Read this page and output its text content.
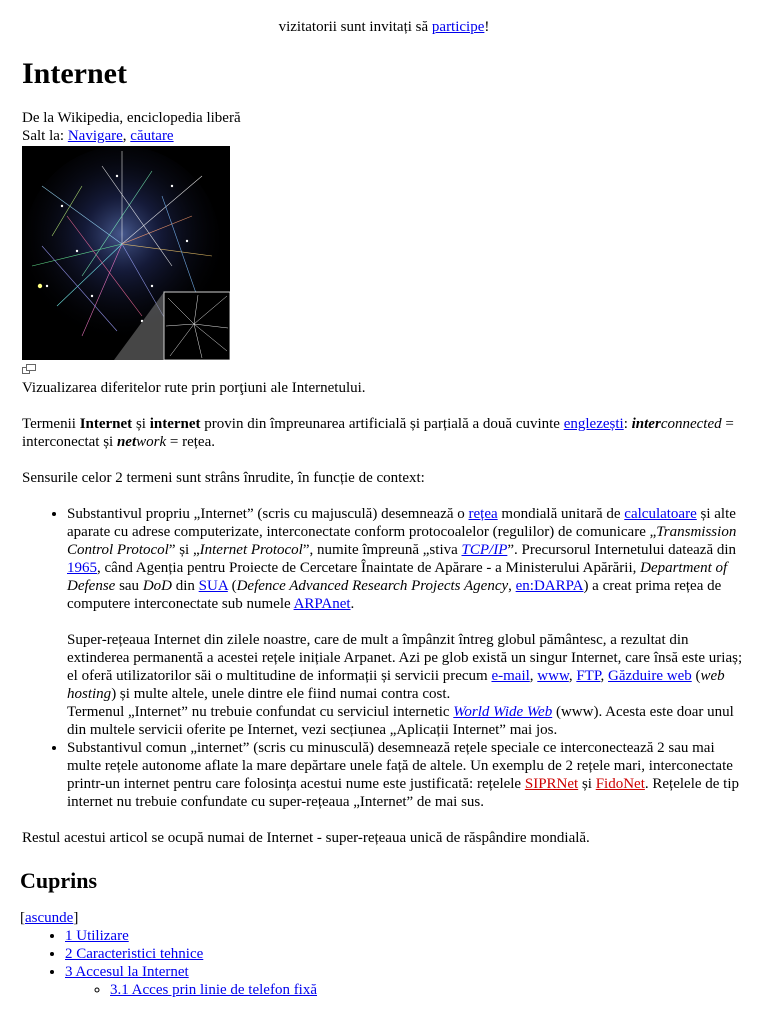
vizitatorii sunt invitați să participe!
Internet
De la Wikipedia, enciclopedia liberă
Salt la: Navigare, căutare
Vizualizarea diferitelor rute prin porţiuni ale Internetului.

Termenii Internet și internet provin din împreunarea artificială și parțială a două cuvinte englezești: interconnected = interconectat și network = rețea.

Sensurile celor 2 termeni sunt strâns înrudite, în funcție de context:

• Substantivul propriu „Internet” (scris cu majusculă) desemnează o rețea mondială unitară de calculatoare și alte aparate cu adrese computerizate, interconectate conform protocoalelor (regulilor) de comunicare „Transmission Control Protocol” și „Internet Protocol”, numite împreună „stiva TCP/IP”. Precursorul Internetului datează din 1965, când Agenția pentru Proiecte de Cercetare Înaintate de Apărare - a Ministerului Apărării, Department of Defense sau DoD din SUA (Defence Advanced Research Projects Agency, en:DARPA) a creat prima rețea de computere interconectate sub numele ARPAnet.
Super-rețeaua Internet din zilele noastre, care de mult a împânzit întreg globul pământesc, a rezultat din extinderea permanentă a acestei rețele inițiale Arpanet. Azi pe glob există un singur Internet, care însă este uriaș; el oferă utilizatorilor săi o multitudine de informații și servicii precum e-mail, www, FTP, Găzduire web (web hosting) și multe altele, unele dintre ele fiind numai contra cost.
Termenul „Internet” nu trebuie confundat cu serviciul internetic World Wide Web (www). Acesta este doar unul din multele servicii oferite pe Internet, vezi secțiunea „Aplicații Internet” mai jos.
• Substantivul comun „internet” (scris cu minusculă) desemnează rețele speciale ce interconectează 2 sau mai multe rețele autonome aflate la mare depărtare unele față de altele. Un exemplu de 2 rețele mari, interconectate printr-un internet pentru care folosința acestui nume este justificată: rețelele SIPRNet și FidoNet. Rețelele de tip internet nu trebuie confundate cu super-rețeaua „Internet” de mai sus.

Restul acestui articol se ocupă numai de Internet - super-rețeaua unică de răspândire mondială.

Cuprins
[ascunde]
• 1 Utilizare
• 2 Caracteristici tehnice
• 3 Accesul la Internet
◦ 3.1 Acces prin linie de telefon fixă
